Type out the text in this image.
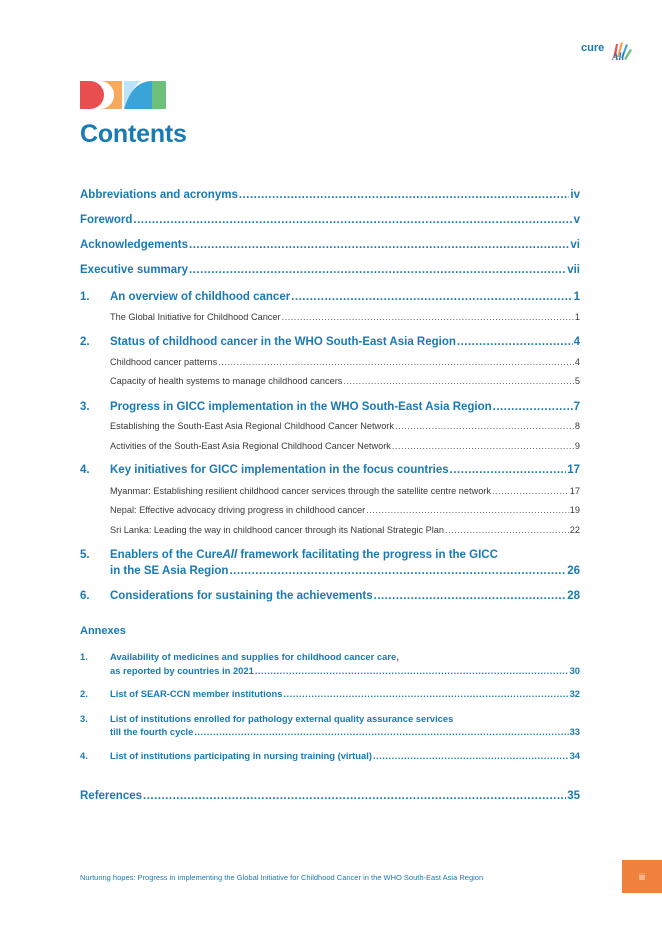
cure
All
Contents
Abbreviations and acronyms .....	iv
Foreword .....	v
Acknowledgements .....	vi
Executive summary .....	vii
1.	An overview of childhood cancer .....	1
The Global Initiative for Childhood Cancer .....	1
2.	Status of childhood cancer in the WHO South-East Asia Region .....	4
Childhood cancer patterns .....	4
Capacity of health systems to manage childhood cancers .....	5
3.	Progress in GICC implementation in the WHO South-East Asia Region .....	7
Establishing the South-East Asia Regional Childhood Cancer Network .....	8
Activities of the South-East Asia Regional Childhood Cancer Network .....	9
4.	Key initiatives for GICC implementation in the focus countries .....	17
Myanmar: Establishing resilient childhood cancer services through the satellite centre network .....	17
Nepal: Effective advocacy driving progress in childhood cancer .....	19
Sri Lanka: Leading the way in childhood cancer through its National Strategic Plan .....	22
5. Enablers of the CureAll framework facilitating the progress in the GICC
in the SE Asia Region .....	26
6.	Considerations for sustaining the achievements .....	28
Annexes
1. Availability of medicines and supplies for childhood cancer care,
as reported by countries in 2021 .....	30
2.	List of SEAR-CCN member institutions .....	32
3. List of institutions enrolled for pathology external quality assurance services
till the fourth cycle .....	33
4.	List of institutions participating in nursing training (virtual) .....	34
References .....	35
Nurturing hopes: Progress in implementing the Global Initiative for Childhood Cancer in the WHO South-East Asia Region	iii
